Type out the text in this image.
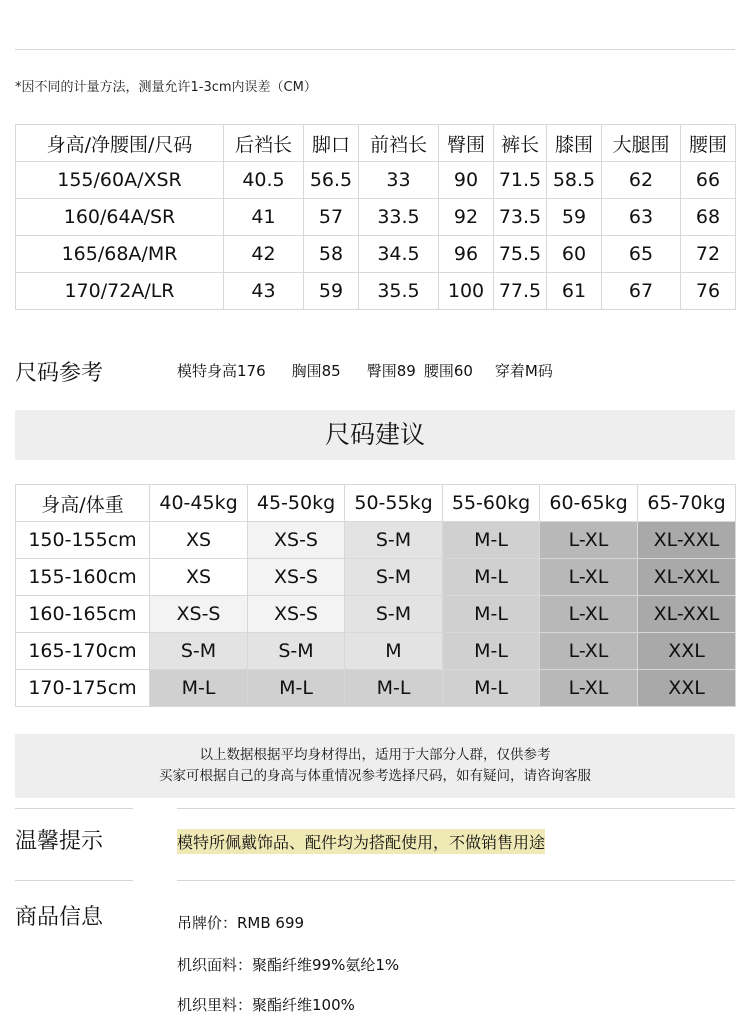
*因不同的计量方法，测量允许1-3cm内误差（CM）
身高/净腰围/尺码	后裆长	脚口	前裆长	臀围	裤长	膝围	大腿围	腰围
155/60A/XSR	40.5	56.5	33	90	71.5	58.5	62	66
160/64A/SR	41	57	33.5	92	73.5	59	63	68
165/68A/MR	42	58	34.5	96	75.5	60	65	72
170/72A/LR	43	59	35.5	100	77.5	61	67	76
尺码参考	模特身高176 胸围85 臀围89 腰围60 穿着M码
尺码建议
身高/体重	40-45kg	45-50kg	50-55kg	55-60kg	60-65kg	65-70kg
150-155cm	XS	XS-S	S-M	M-L	L-XL	XL-XXL
155-160cm	XS	XS-S	S-M	M-L	L-XL	XL-XXL
160-165cm	XS-S	XS-S	S-M	M-L	L-XL	XL-XXL
165-170cm	S-M	S-M	M	M-L	L-XL	XXL
170-175cm	M-L	M-L	M-L	M-L	L-XL	XXL
以上数据根据平均身材得出，适用于大部分人群，仅供参考
买家可根据自己的身高与体重情况参考选择尺码，如有疑问，请咨询客服
温馨提示	模特所佩戴饰品、配件均为搭配使用，不做销售用途
商品信息	吊牌价：RMB 699
机织面料：聚酯纤维99%氨纶1%
机织里料：聚酯纤维100%
